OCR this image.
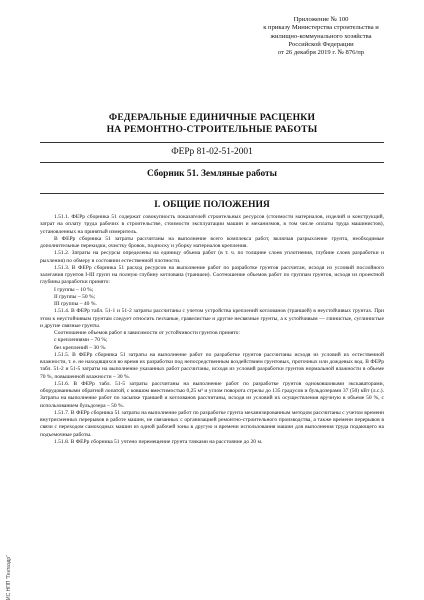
Приложение № 100
к приказу Министерства строительства и
жилищно-коммунального хозяйства
Российской Федерации
от 26 декабря 2019 г. № 876/пр
ФЕДЕРАЛЬНЫЕ ЕДИНИЧНЫЕ РАСЦЕНКИ
НА РЕМОНТНО-СТРОИТЕЛЬНЫЕ РАБОТЫ
ФЕРр 81-02-51-2001
Сборник 51. Земляные работы
I. ОБЩИЕ ПОЛОЖЕНИЯ

1.51.1. ФЕРр сборника 51 содержат совокупность показателей строительных ресурсов (стоимости материалов, изделий и конструкций, затрат на оплату труда рабочих в строительстве, стоимости эксплуатации машин и механизмов, в том числе оплаты труда машинистов), установленных на принятый измеритель.

В ФЕРр сборника 51 затраты рассчитаны на выполнение всего комплекса работ, включая разрыхление грунта, необходимые дополнительные перекидки, очистку бровок, подноску и уборку материалов крепления.

1.51.2. Затраты на ресурсы определены на единицу объема работ (в т. ч. по толщине слоев уплотнения, глубине слоев разработки и рыхления) по обмеру в состоянии естественной плотности.

1.51.3. В ФЕРр сборника 51 расход ресурсов на выполнение работ по разработке грунтов рассчитан, исходя из условий послойного залегания грунтов I-III групп на полную глубину котлована (траншеи). Соотношение объемов работ по группам грунтов, исходя из проектной глубины разработки принято:

I группы – 10 %;

II группы – 50 %;

III группы – 40 %.

1.51.4. В ФЕРр табл. 51-1 и 51-2 затраты рассчитаны с учетом устройства креплений котлованов (траншей) в неустойчивых грунтах. При этом к неустойчивым грунтам следует относить песчаные, гравелистые и другие несвязные грунты, а к устойчивым — глинистые, суглинистые и другие связные грунты.

Соотношение объемов работ в зависимости от устойчивости грунтов принято:

с креплениями – 70 %;

без креплений – 30 %.

1.51.5. В ФЕРр сборника 51 затраты на выполнение работ по разработке грунтов рассчитаны исходя из условий их естественной влажности, т. е. не находящихся во время их разработки под непосредственным воздействием грунтовых, проточных или дождевых вод. В ФЕРр табл. 51-2 и 51-5 затраты на выполнение указанных работ рассчитаны, исходя из условий разработки грунтов нормальной влажности в объеме 70 %, повышенной влажности – 30 %.

1.51.6. В ФЕРр табл. 51-5 затраты рассчитаны на выполнение работ по разработке грунтов одноковшовыми экскаваторами, оборудованными обратной лопатой, с ковшом вместимостью 0,25 м³ и углом поворота стрелы до 135 градусов и бульдозерами 37 (50) кВт (л.с.). Затраты на выполнение работ по засыпке траншей и котлованов рассчитаны, исходя из условий их осуществления вручную в объеме 50 %, с использованием бульдозера – 50 %.

1.51.7. В ФЕРр сборника 51 затраты на выполнение работ по разработке грунта механизированным методом рассчитаны с учетом времени внутрисменных перерывов в работе машин, не связанных с организацией ремонтно-строительного производства, а также времени перерывов в связи с переходом самоходных машин из одной рабочей зоны в другую и времени использования машин для выполнения труда подающего на подъемочные работы.

1.51.8. В ФЕРр сборника 51 учтено перемещение грунта тачками на расстояние до 20 м.

ИС НПП "Гектаэдр"
